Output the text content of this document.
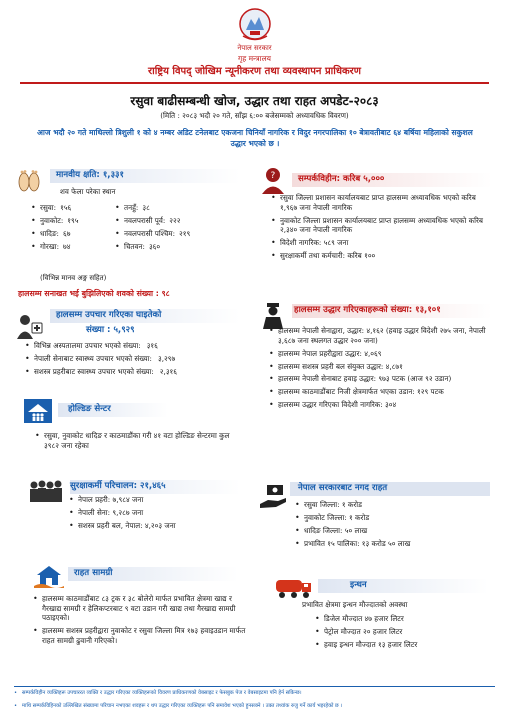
नेपाल सरकार
गृह मन्त्रालय
राष्ट्रिय विपद् जोखिम न्यूनीकरण तथा व्यवस्थापन प्राधिकरण
रसुवा बाढीसम्बन्धी खोज, उद्धार तथा राहत अपडेट-२०८३
(मिति : २०८३ भदौ २० गते, साँझ ६:०० बजेसम्मको अध्यावधिक विवरण)
आज भदौ २० गते माथिल्लो त्रिशुली १ को ४ नम्बर अडिट टनेलबाट एकजना चिनियाँ नागरिक र विदुर नगरपालिका १० बेत्रावतीबाट ६४ बर्षिया महिलाको सकुशल उद्धार भएको छ ।
मानवीय क्षति: १,३३१
शव फेला परेका स्थान
• रसुवा: १५६
• नुवाकोट: १९५
• धादिङ: ६७
• गोरखा: ७४
• तनहुँ: ३८
• नवलपरासी पूर्व: २२२
• नवलपरासी पश्चिम: २१९
• चितवन: ३६०
(विभिन्न मानव अङ्ग सहित)
हालसम्म सनाखत भई बुझिलिएको शवको संख्या : ९८
?	सम्पर्कविहीन: करिब ५,०००
• रसुवा जिल्ला प्रशासन कार्यालयबाट प्राप्त हालसम्म अध्यावधिक भएको करिब १,९६७ जना नेपाली नागरिक
• नुवाकोट जिल्ला प्रशासन कार्यालयबाट प्राप्त हालसम्म अध्यावधिक भएको करिब २,३४० जना नेपाली नागरिक
• विदेशी नागरिक: ५८९ जना
• सुरक्षाकर्मी तथा कर्मचारी: करिब १००
हालसम्म उपचार गरिएका घाइतेको
संख्या : ५,९२९
• विभिन्न अस्पतालमा उपचार भएको संख्या: ३१६
• नेपाली सेनाबाट स्वास्थ्य उपचार भएको संख्या: ३,२९७
• सशस्त्र प्रहरीबाट स्वास्थ्य उपचार भएको संख्या: २,३१६
हालसम्म उद्धार गरिएकाहरूको संख्या: १३,१०१
• हालसम्म नेपाली सेनाद्वारा, उद्धार: ४,१६२ (हवाइ उद्धार विदेशी २७५ जना, नेपाली ३,६८७ जना स्थलगत उद्धार २०० जना)
• हालसम्म नेपाल प्रहरीद्वारा उद्धार: ४,०६९
• हालसम्म सशस्त्र प्रहरी बल संयुक्त उद्धार: ४,८७१
• हालसम्म नेपाली सेनाबाट हवाइ उद्धार: ९७३ पटक (आज ९२ उडान)
• हालसम्म काठमाडौंबाट निजी क्षेत्रमार्फत भएका उडान: १२९ पटक
• हालसम्म उद्धार गरिएका विदेशी नागरिक: ३०४
होल्डिङ सेन्टर
• रसुवा, नुवाकोट धादिङ र काठमाडौंका गरी ४१ वटा होल्डिङ सेन्टरमा कुल ३९८२ जना रहेका
नेपाल सरकारबाट नगद राहत
• रसुवा जिल्ला: १ करोड
• नुवाकोट जिल्ला: १ करोड
• धादिङ जिल्ला: ५० लाख
• प्रभावित १५ पालिका: १३ करोड ५० लाख
सुरक्षाकर्मी परिचालन: २१,४६५
• नेपाल प्रहरी: ७,९८४ जना
• नेपाली सेना: ९,२८७ जना
• सशस्त्र प्रहरी बल, नेपाल: ४,२०३ जना
राहत सामग्री
• हालसम्म काठमाडौंबाट ८३ ट्रक र ३८ बोलेरो मार्फत प्रभावित क्षेत्रमा खाद्य र गैरखाद्य सामग्री र हेलिकप्टरबाट ९ वटा उडान गरी खाद्य तथा गैरखाद्य सामग्री पठाइएको।
• हालसम्म सशस्त्र प्रहरीद्वारा नुवाकोट र रसुवा जिल्ला मित्र १७३ हवाइउडान मार्फत राहत सामग्री ढुवानी गरिएको।
इन्धन
प्रभावित क्षेत्रमा इन्धन मौज्दातको अवस्था
• डिजेल मौज्दात ४७ हजार लिटर
• पेट्रोल मौज्दात २० हजार लिटर
• हवाइ इन्धन मौज्दात १३ हजार लिटर
• सम्पर्कविहीन व्यक्तिहरू उपचाररत व्यक्ति र उद्धार गरिएका व्यक्तिहरूको विवरण प्राधिकरणको वेबसाइट र फेसबुक पेज र वेबसाइटमा पनि हेर्न सकिन्छ।
• माथि सम्पर्कविहिनको उल्लिखित संख्यामा परिचान नभएका शवहरू र थप उद्धार गरिएका व्यक्तिहरू पनि समावेश भएको हुनसक्ने । उक्त तथ्यांक रुजु गर्ने कार्य भइरहेको छ ।
